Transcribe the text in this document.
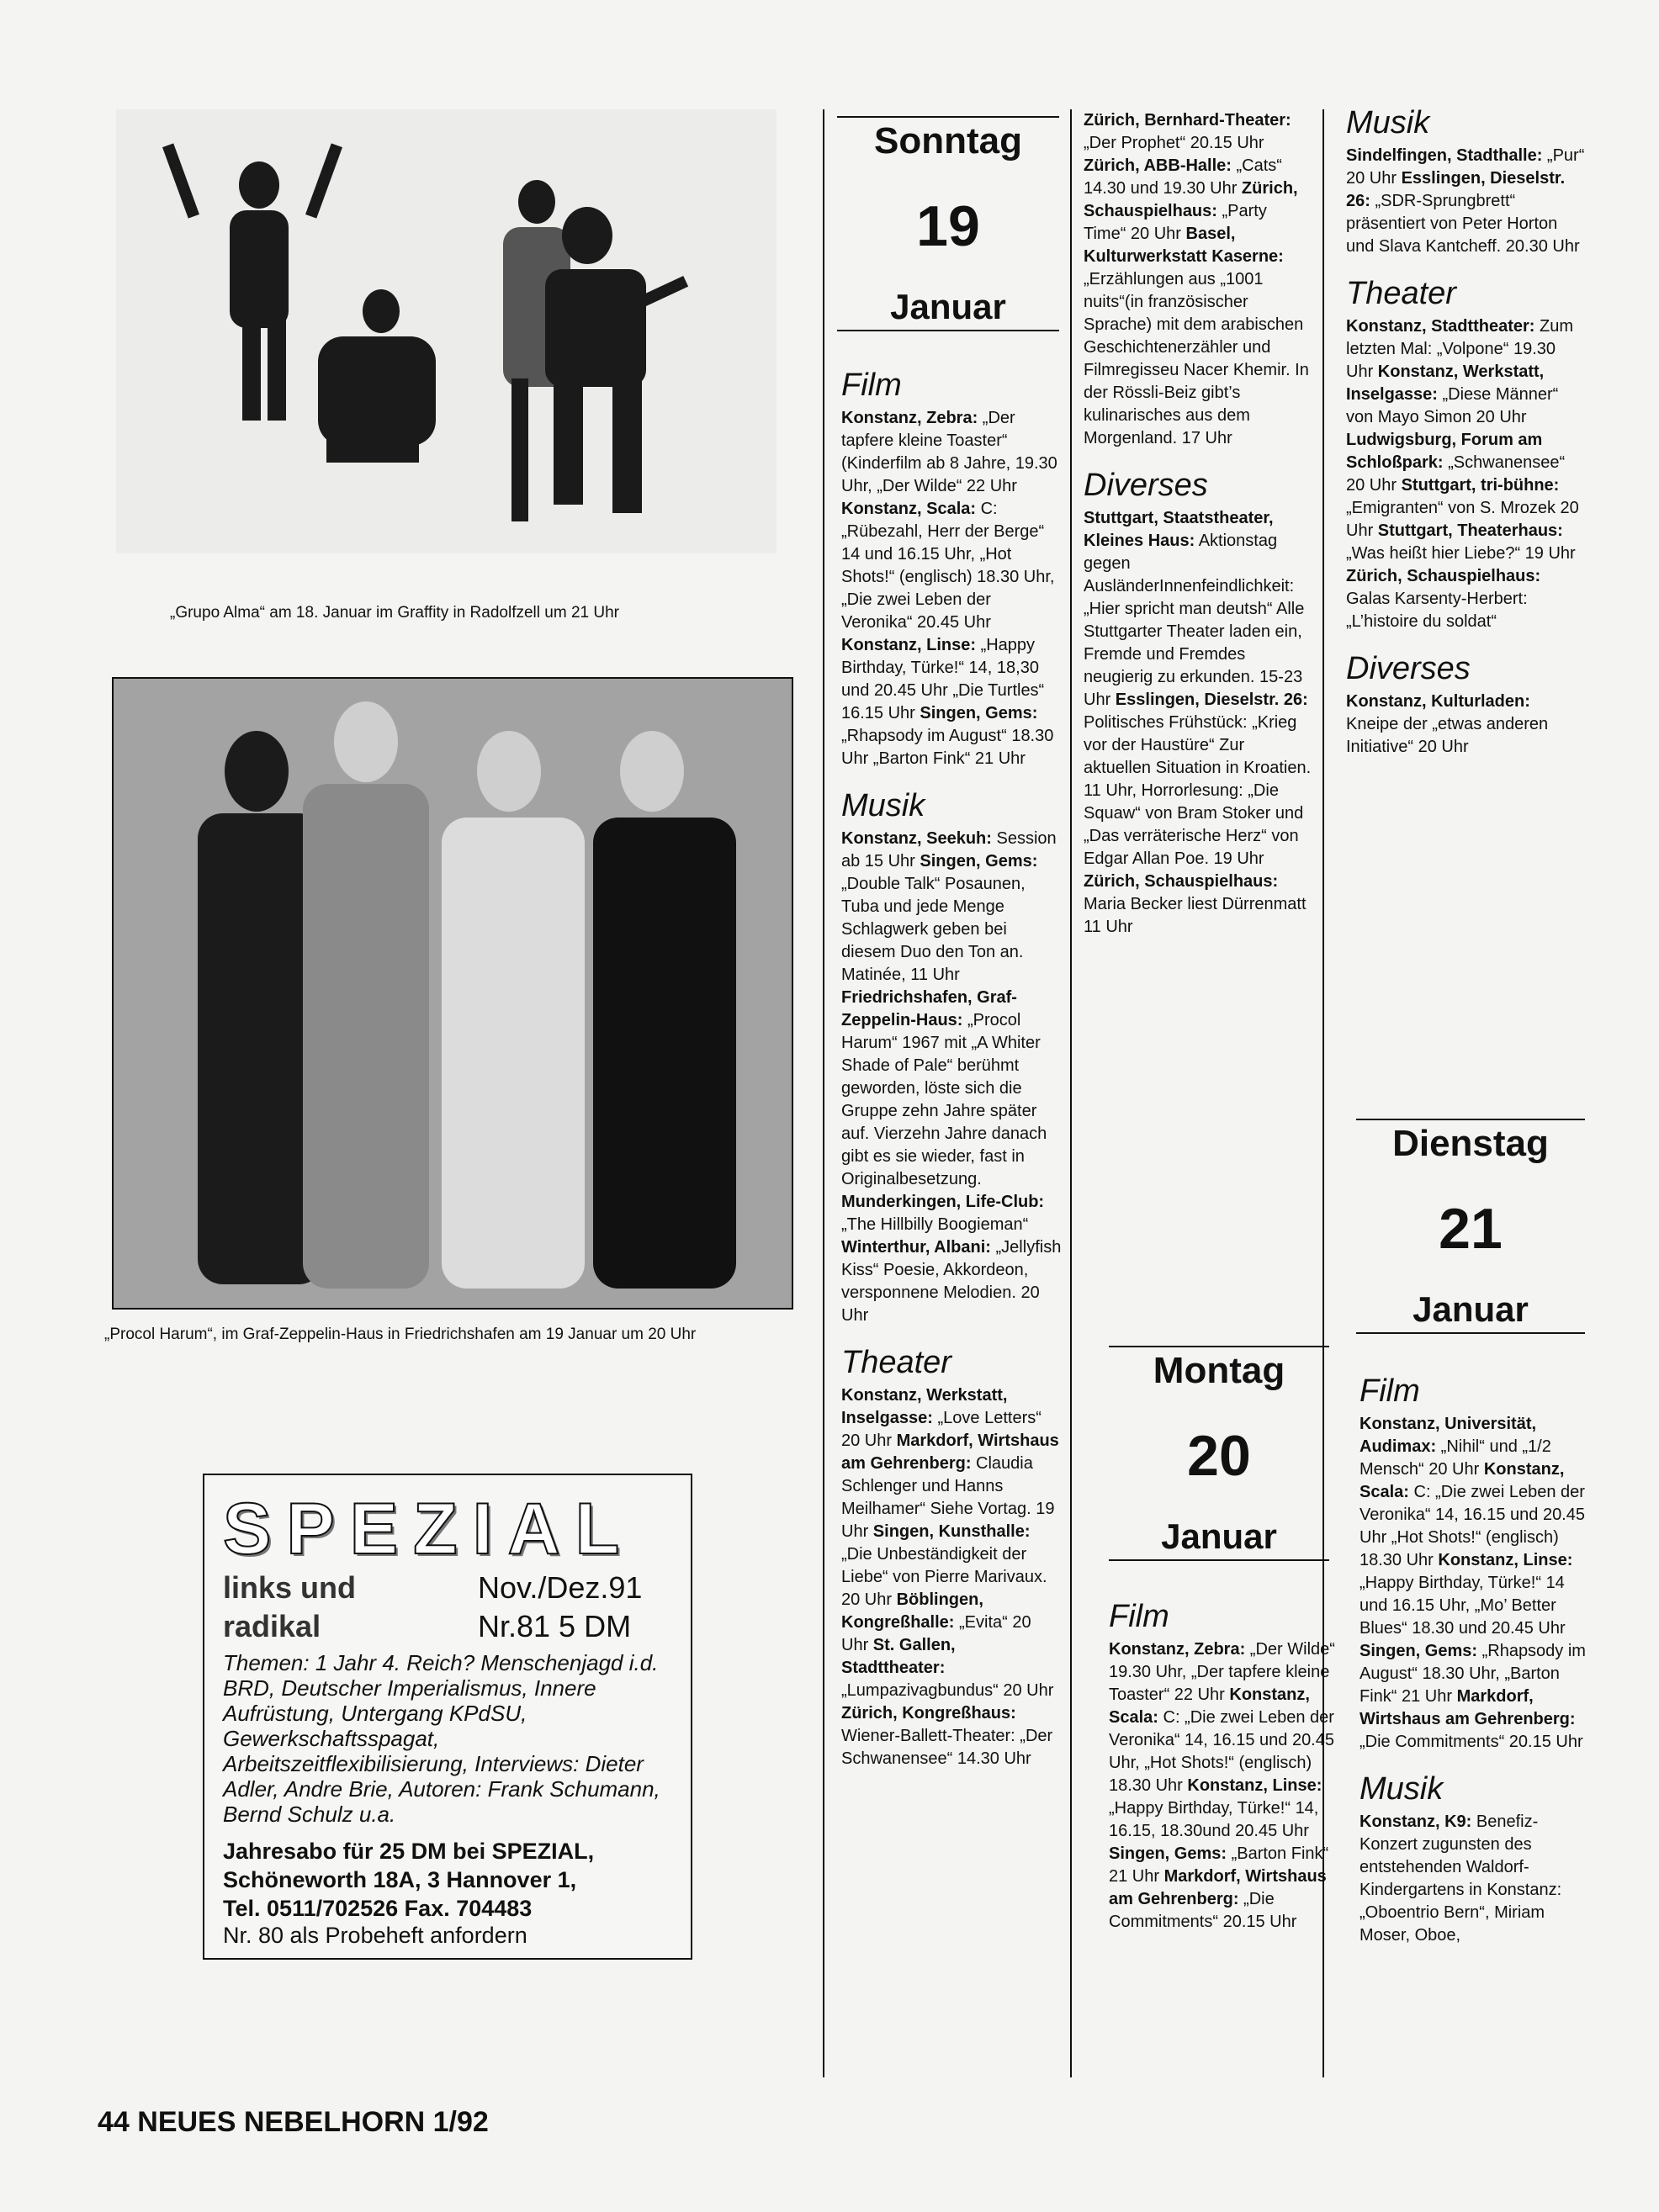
„Grupo Alma“ am 18. Januar im Graffity in Radolfzell um 21 Uhr
„Procol Harum“, im Graf-Zeppelin-Haus in Friedrichshafen am 19 Januar um 20 Uhr
SPEZIAL
links und	Nov./Dez.91
radikal	Nr.81 5 DM
Themen: 1 Jahr 4. Reich? Menschenjagd i.d. BRD, Deutscher Imperialismus, Innere Aufrüstung, Untergang KPdSU, Gewerkschaftsspagat, Arbeitszeitflexibilisierung, Interviews: Dieter Adler, Andre Brie, Autoren: Frank Schumann, Bernd Schulz u.a.
Jahresabo für 25 DM bei SPEZIAL,
Schöneworth 18A, 3 Hannover 1,
Tel. 0511/702526 Fax. 704483
Nr. 80 als Probeheft anfordern
Sonntag
19
Januar
Film

Konstanz, Zebra: „Der tapfere kleine Toaster“ (Kinderfilm ab 8 Jahre, 19.30 Uhr, „Der Wilde“ 22 Uhr Konstanz, Scala: C: „Rübezahl, Herr der Berge“ 14 und 16.15 Uhr, „Hot Shots!“ (englisch) 18.30 Uhr, „Die zwei Leben der Veronika“ 20.45 Uhr Konstanz, Linse: „Happy Birthday, Türke!“ 14, 18,30 und 20.45 Uhr „Die Turtles“ 16.15 Uhr Singen, Gems: „Rhapsody im August“ 18.30 Uhr „Barton Fink“ 21 Uhr

Musik

Konstanz, Seekuh: Session ab 15 Uhr Singen, Gems: „Double Talk“ Posaunen, Tuba und jede Menge Schlagwerk geben bei diesem Duo den Ton an. Matinée, 11 Uhr Friedrichshafen, Graf-Zeppelin-Haus: „Procol Harum“ 1967 mit „A Whiter Shade of Pale“ berühmt geworden, löste sich die Gruppe zehn Jahre später auf. Vierzehn Jahre danach gibt es sie wieder, fast in Originalbesetzung. Munderkingen, Life-Club: „The Hillbilly Boogieman“ Winterthur, Albani: „Jellyfish Kiss“ Poesie, Akkordeon, versponnene Melodien. 20 Uhr

Theater

Konstanz, Werkstatt, Inselgasse: „Love Letters“ 20 Uhr Markdorf, Wirtshaus am Gehrenberg: Claudia Schlenger und Hanns Meilhamer“ Siehe Vortag. 19 Uhr Singen, Kunsthalle: „Die Unbeständigkeit der Liebe“ von Pierre Marivaux. 20 Uhr Böblingen, Kongreßhalle: „Evita“ 20 Uhr St. Gallen, Stadttheater: „Lumpazivagbundus“ 20 Uhr Zürich, Kongreßhaus: Wiener-Ballett-Theater: „Der Schwanensee“ 14.30 Uhr

Zürich, Bernhard-Theater: „Der Prophet“ 20.15 Uhr Zürich, ABB-Halle: „Cats“ 14.30 und 19.30 Uhr Zürich, Schauspielhaus: „Party Time“ 20 Uhr Basel, Kulturwerkstatt Kaserne: „Erzählungen aus „1001 nuits“(in französischer Sprache) mit dem arabischen Geschichtenerzähler und Filmregisseu Nacer Khemir. In der Rössli-Beiz gibt’s kulinarisches aus dem Morgenland. 17 Uhr

Diverses

Stuttgart, Staatstheater, Kleines Haus: Aktionstag gegen AusländerInnenfeindlichkeit: „Hier spricht man deutsh“ Alle Stuttgarter Theater laden ein, Fremde und Fremdes neugierig zu erkunden. 15-23 Uhr Esslingen, Dieselstr. 26: Politisches Frühstück: „Krieg vor der Haustüre“ Zur aktuellen Situation in Kroatien. 11 Uhr, Horrorlesung: „Die Squaw“ von Bram Stoker und „Das verräterische Herz“ von Edgar Allan Poe. 19 Uhr Zürich, Schauspielhaus: Maria Becker liest Dürrenmatt 11 Uhr

Montag
20
Januar
Film

Konstanz, Zebra: „Der Wilde“ 19.30 Uhr, „Der tapfere kleine Toaster“ 22 Uhr Konstanz, Scala: C: „Die zwei Leben der Veronika“ 14, 16.15 und 20.45 Uhr, „Hot Shots!“ (englisch) 18.30 Uhr Konstanz, Linse: „Happy Birthday, Türke!“ 14, 16.15, 18.30und 20.45 Uhr Singen, Gems: „Barton Fink“ 21 Uhr Markdorf, Wirtshaus am Gehrenberg: „Die Commitments“ 20.15 Uhr

Musik

Sindelfingen, Stadthalle: „Pur“ 20 Uhr Esslingen, Dieselstr. 26: „SDR-Sprungbrett“ präsentiert von Peter Horton und Slava Kantcheff. 20.30 Uhr

Theater

Konstanz, Stadttheater: Zum letzten Mal: „Volpone“ 19.30 Uhr Konstanz, Werkstatt, Inselgasse: „Diese Männer“ von Mayo Simon 20 Uhr Ludwigsburg, Forum am Schloßpark: „Schwanensee“ 20 Uhr Stuttgart, tri-bühne: „Emigranten“ von S. Mrozek 20 Uhr Stuttgart, Theaterhaus: „Was heißt hier Liebe?“ 19 Uhr Zürich, Schauspielhaus: Galas Karsenty-Herbert: „L’histoire du soldat“

Diverses

Konstanz, Kulturladen: Kneipe der „etwas anderen Initiative“ 20 Uhr

Dienstag
21
Januar
Film

Konstanz, Universität, Audimax: „Nihil“ und „1/2 Mensch“ 20 Uhr Konstanz, Scala: C: „Die zwei Leben der Veronika“ 14, 16.15 und 20.45 Uhr „Hot Shots!“ (englisch) 18.30 Uhr Konstanz, Linse: „Happy Birthday, Türke!“ 14 und 16.15 Uhr, „Mo’ Better Blues“ 18.30 und 20.45 Uhr Singen, Gems: „Rhapsody im August“ 18.30 Uhr, „Barton Fink“ 21 Uhr Markdorf, Wirtshaus am Gehrenberg: „Die Commitments“ 20.15 Uhr

Musik

Konstanz, K9: Benefiz-Konzert zugunsten des entstehenden Waldorf-Kindergartens in Konstanz: „Oboentrio Bern“, Miriam Moser, Oboe,

44 NEUES NEBELHORN 1/92
